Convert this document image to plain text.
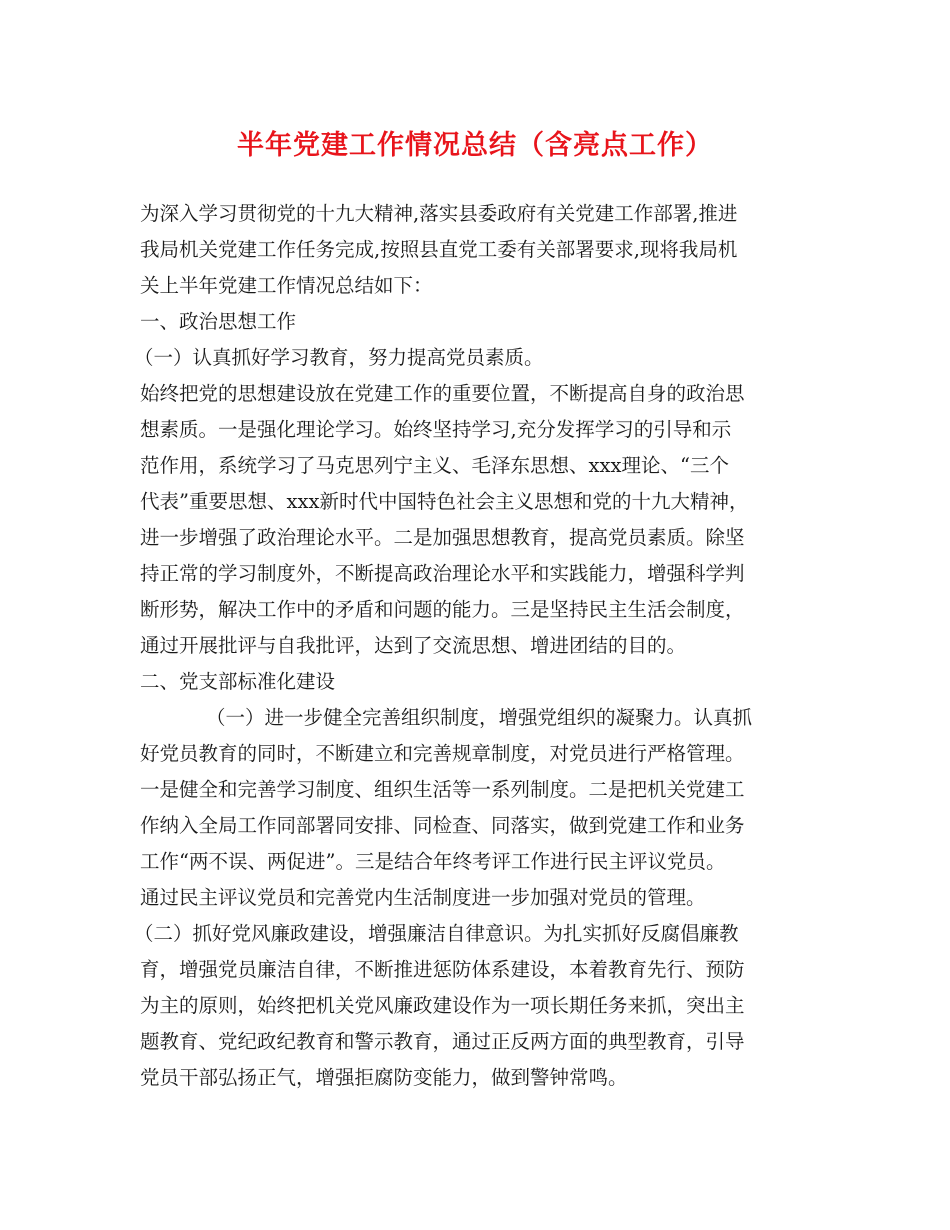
半年党建工作情况总结（含亮点工作）
为深入学习贯彻党的十九大精神,落实县委政府有关党建工作部署,推进
我局机关党建工作任务完成,按照县直党工委有关部署要求,现将我局机
关上半年党建工作情况总结如下：
一、政治思想工作
（一）认真抓好学习教育，努力提高党员素质。
始终把党的思想建设放在党建工作的重要位置，不断提高自身的政治思
想素质。一是强化理论学习。始终坚持学习,充分发挥学习的引导和示
范作用，系统学习了马克思列宁主义、毛泽东思想、xxx理论、“三个
代表”重要思想、xxx新时代中国特色社会主义思想和党的十九大精神，
进一步增强了政治理论水平。二是加强思想教育，提高党员素质。除坚
持正常的学习制度外，不断提高政治理论水平和实践能力，增强科学判
断形势，解决工作中的矛盾和问题的能力。三是坚持民主生活会制度，
通过开展批评与自我批评，达到了交流思想、增进团结的目的。
二、党支部标准化建设
（一）进一步健全完善组织制度，增强党组织的凝聚力。认真抓
好党员教育的同时，不断建立和完善规章制度，对党员进行严格管理。
一是健全和完善学习制度、组织生活等一系列制度。二是把机关党建工
作纳入全局工作同部署同安排、同检查、同落实，做到党建工作和业务
工作“两不误、两促进”。三是结合年终考评工作进行民主评议党员。
通过民主评议党员和完善党内生活制度进一步加强对党员的管理。
（二）抓好党风廉政建设，增强廉洁自律意识。为扎实抓好反腐倡廉教
育，增强党员廉洁自律，不断推进惩防体系建设，本着教育先行、预防
为主的原则，始终把机关党风廉政建设作为一项长期任务来抓，突出主
题教育、党纪政纪教育和警示教育，通过正反两方面的典型教育，引导
党员干部弘扬正气，增强拒腐防变能力，做到警钟常鸣。
